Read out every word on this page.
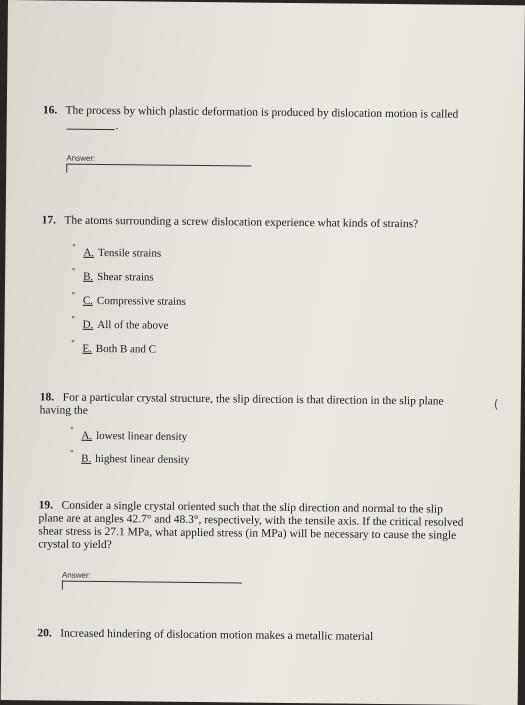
16. The process by which plastic deformation is produced by dislocation motion is called
.
Answer:
17. The atoms surrounding a screw dislocation experience what kinds of strains?
∘
A. Tensile strains
∘
B. Shear strains
∘
C. Compressive strains
∘
D. All of the above
∘
E. Both B and C
18. For a particular crystal structure, the slip direction is that direction in the slip plane having the
∘
A. lowest linear density
∘
B. highest linear density
19. Consider a single crystal oriented such that the slip direction and normal to the slip plane are at angles 42.7° and 48.3°, respectively, with the tensile axis. If the critical resolved shear stress is 27.1 MPa, what applied stress (in MPa) will be necessary to cause the single crystal to yield?
Answer:
20. Increased hindering of dislocation motion makes a metallic material
(
